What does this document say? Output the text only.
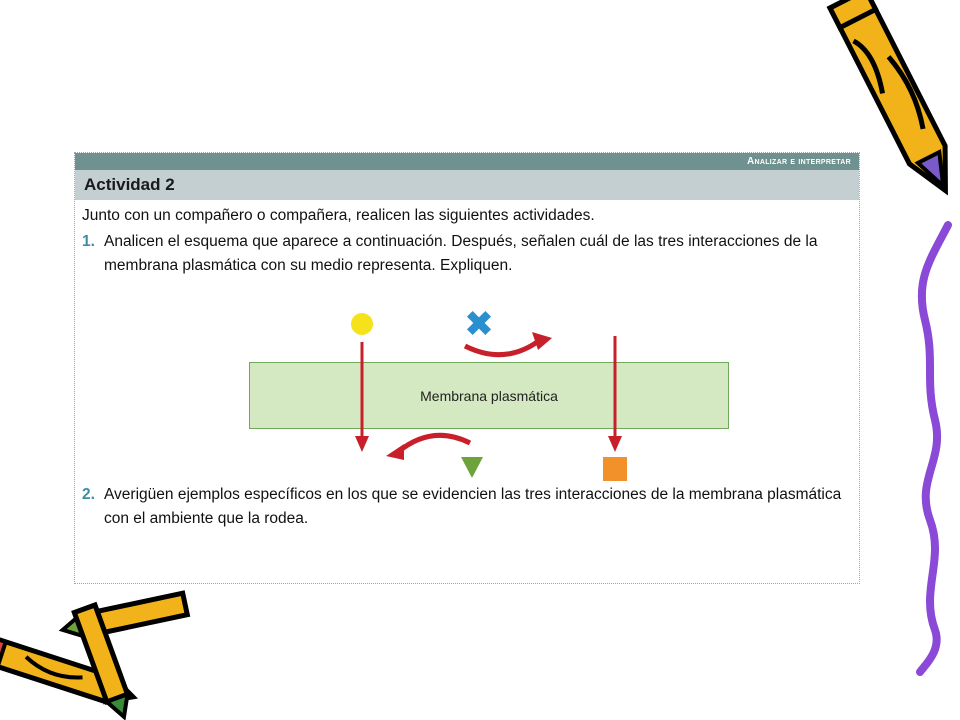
Analizar e interpretar
Actividad 2
Junto con un compañero o compañera, realicen las siguientes actividades.
1. Analicen el esquema que aparece a continuación. Después, señalen cuál de las tres interacciones de la membrana plasmática con su medio representa. Expliquen.
2. Averigüen ejemplos específicos en los que se evidencien las tres interacciones de la membrana plasmática con el ambiente que la rodea.
Membrana plasmática
